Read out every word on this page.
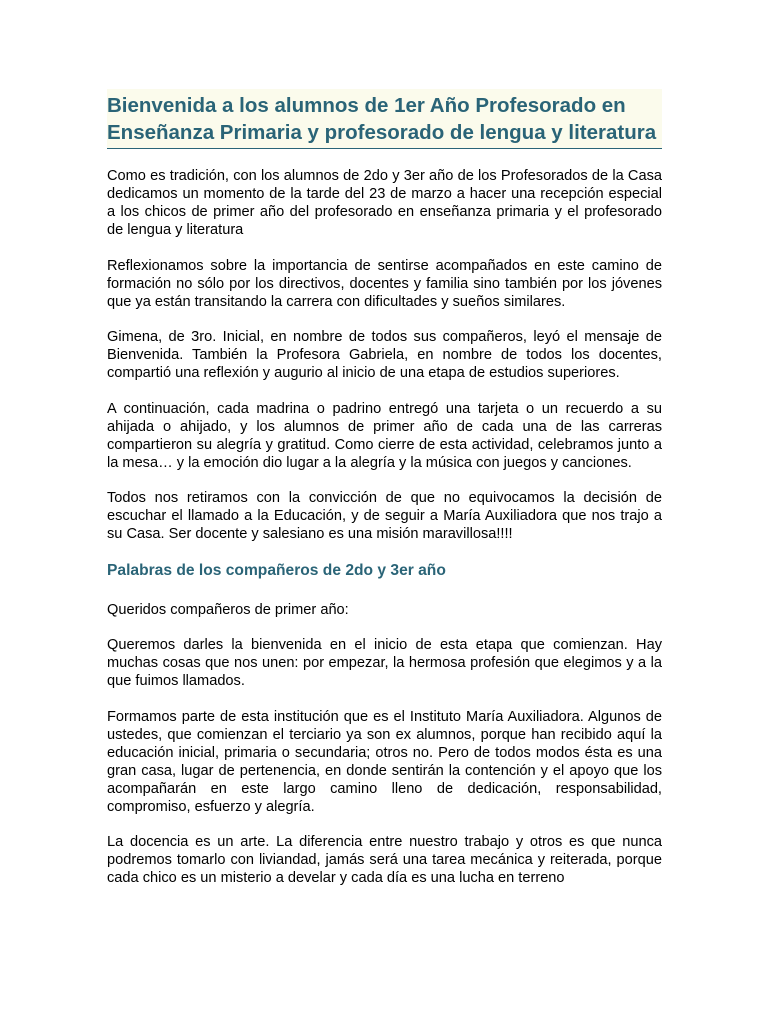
Bienvenida a los alumnos de 1er Año Profesorado en Enseñanza Primaria y profesorado de lengua y literatura

Como es tradición, con los alumnos de 2do y 3er año de los Profesorados de la Casa dedicamos un momento de la tarde del 23 de marzo a hacer una recepción especial a los chicos de primer año del profesorado en enseñanza primaria y el profesorado de lengua y literatura

Reflexionamos sobre la importancia de sentirse acompañados en este camino de formación no sólo por los directivos, docentes y familia sino también por los jóvenes que ya están transitando la carrera con dificultades y sueños similares.

Gimena, de 3ro. Inicial, en nombre de todos sus compañeros, leyó el mensaje de Bienvenida. También la Profesora Gabriela, en nombre de todos los docentes, compartió una reflexión y augurio al inicio de una etapa de estudios superiores.

A continuación, cada madrina o padrino entregó una tarjeta o un recuerdo a su ahijada o ahijado, y los alumnos de primer año de cada una de las carreras compartieron su alegría y gratitud. Como cierre de esta actividad, celebramos junto a la mesa… y la emoción dio lugar a la alegría y la música con juegos y canciones.

Todos nos retiramos con la convicción de que no equivocamos la decisión de escuchar el llamado a la Educación, y de seguir a María Auxiliadora que nos trajo a su Casa. Ser docente y salesiano es una misión maravillosa!!!!

Palabras de los compañeros de 2do y 3er año

Queridos compañeros de primer año:

Queremos darles la bienvenida en el inicio de esta etapa que comienzan. Hay muchas cosas que nos unen: por empezar, la hermosa profesión que elegimos y a la que fuimos llamados.

Formamos parte de esta institución que es el Instituto María Auxiliadora. Algunos de ustedes, que comienzan el terciario ya son ex alumnos, porque han recibido aquí la educación inicial, primaria o secundaria; otros no. Pero de todos modos ésta es una gran casa, lugar de pertenencia, en donde sentirán la contención y el apoyo que los acompañarán en este largo camino lleno de dedicación, responsabilidad, compromiso, esfuerzo y alegría.

La docencia es un arte. La diferencia entre nuestro trabajo y otros es que nunca podremos tomarlo con liviandad, jamás será una tarea mecánica y reiterada, porque cada chico es un misterio a develar y cada día es una lucha en terreno
